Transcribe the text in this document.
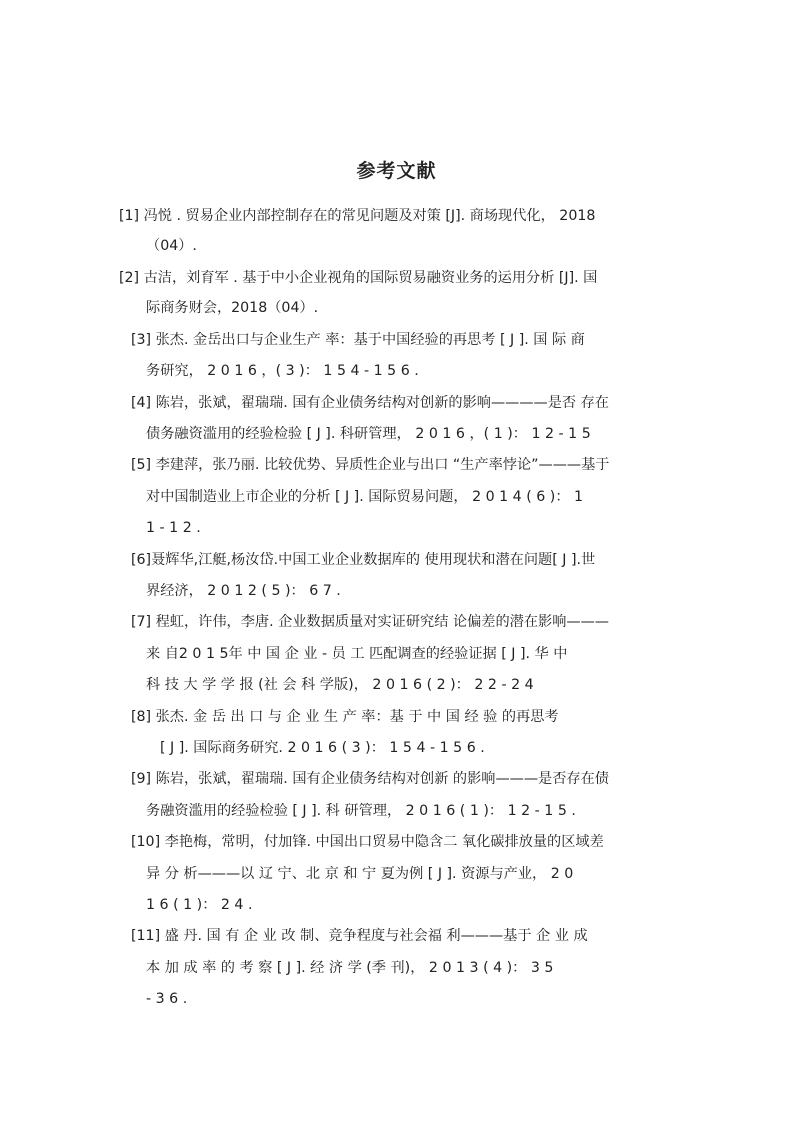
参考文献
[1] 冯悦 . 贸易企业内部控制存在的常见问题及对策 [J]. 商场现代化， 2018
（04）.
[2] 古洁，刘育军 . 基于中小企业视角的国际贸易融资业务的运用分析 [J]. 国
际商务财会，2018（04）.
[3] 张杰. 金岳出口与企业生产 率：基于中国经验的再思考 [ J ]. 国 际 商
务研究， 2 0 1 6 ，( 3 )： 1 5 4 - 1 5 6 .
[4] 陈岩，张斌，翟瑞瑞. 国有企业债务结构对创新的影响————是否 存在
债务融资滥用的经验检验 [ J ]. 科研管理， 2 0 1 6 ，( 1 )： 1 2 - 1 5
[5] 李建萍，张乃丽. 比较优势、异质性企业与出口 “生产率悖论”———基于
对中国制造业上市企业的分析 [ J ]. 国际贸易问题， 2 0 1 4 ( 6 )： 1
1 - 1 2 .
[6]聂辉华,江艇,杨汝岱.中国工业企业数据库的 使用现状和潜在问题[ J ].世
界经济， 2 0 1 2 ( 5 )： 6 7 .
[7] 程虹，许伟，李唐. 企业数据质量对实证研究结 论偏差的潜在影响———
来 自2 0 1 5年 中 国 企 业 - 员 工 匹配调查的经验证据 [ J ]. 华 中
科 技 大 学 学 报 (社 会 科 学版)， 2 0 1 6 ( 2 )： 2 2 - 2 4
[8] 张杰. 金 岳 出 口 与 企 业 生 产 率：基 于 中 国 经 验 的再思考
[ J ]. 国际商务研究. 2 0 1 6 ( 3 )： 1 5 4 - 1 5 6 .
[9] 陈岩，张斌，翟瑞瑞. 国有企业债务结构对创新 的影响———是否存在债
务融资滥用的经验检验 [ J ]. 科 研管理， 2 0 1 6 ( 1 )： 1 2 - 1 5 .
[10] 李艳梅，常明，付加锋. 中国出口贸易中隐含二 氧化碳排放量的区域差
异 分 析———以 辽 宁、北 京 和 宁 夏为例 [ J ]. 资源与产业， 2 0
1 6 ( 1 )： 2 4 .
[11] 盛 丹. 国 有 企 业 改 制、竞争程度与社会福 利———基于 企 业 成
本 加 成 率 的 考 察 [ J ]. 经 济 学 (季 刊)， 2 0 1 3 ( 4 )： 3 5
- 3 6 .
